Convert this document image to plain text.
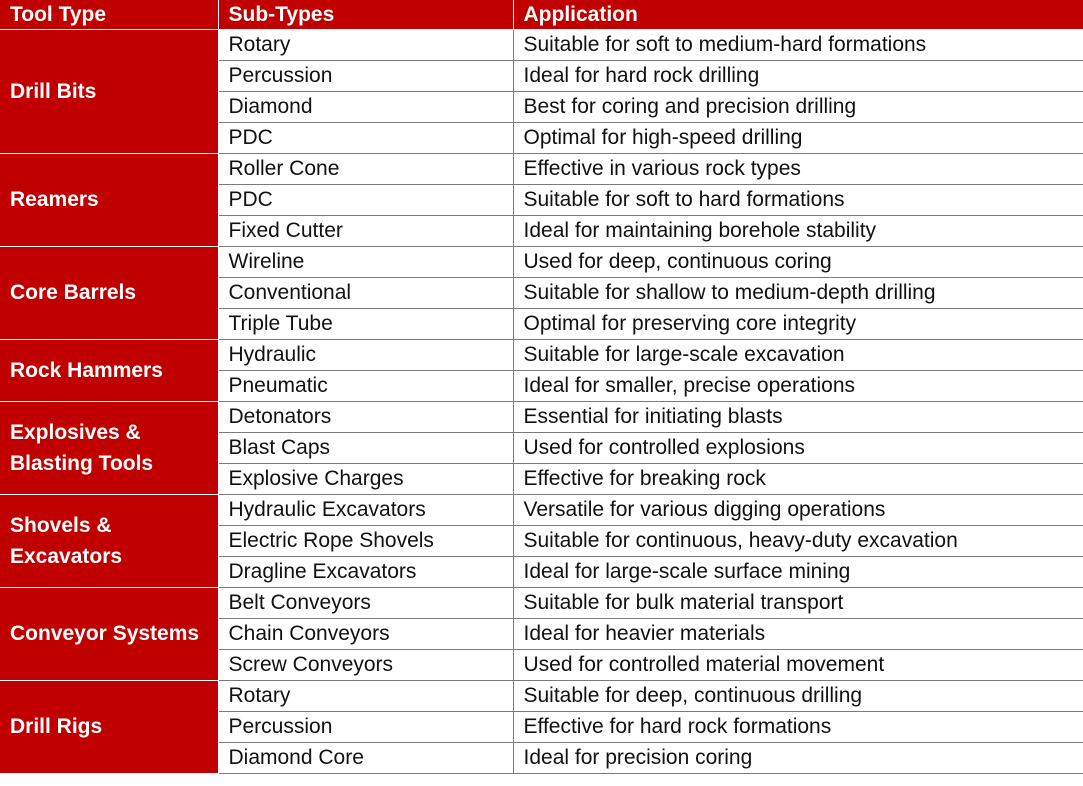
Tool Type	Sub-Types	Application
Drill Bits	Rotary	Suitable for soft to medium-hard formations
	Percussion	Ideal for hard rock drilling
	Diamond	Best for coring and precision drilling
	PDC	Optimal for high-speed drilling
Reamers	Roller Cone	Effective in various rock types
	PDC	Suitable for soft to hard formations
	Fixed Cutter	Ideal for maintaining borehole stability
Core Barrels	Wireline	Used for deep, continuous coring
	Conventional	Suitable for shallow to medium-depth drilling
	Triple Tube	Optimal for preserving core integrity
Rock Hammers	Hydraulic	Suitable for large-scale excavation
	Pneumatic	Ideal for smaller, precise operations
Explosives & Blasting Tools	Detonators	Essential for initiating blasts
	Blast Caps	Used for controlled explosions
	Explosive Charges	Effective for breaking rock
Shovels & Excavators	Hydraulic Excavators	Versatile for various digging operations
	Electric Rope Shovels	Suitable for continuous, heavy-duty excavation
	Dragline Excavators	Ideal for large-scale surface mining
Conveyor Systems	Belt Conveyors	Suitable for bulk material transport
	Chain Conveyors	Ideal for heavier materials
	Screw Conveyors	Used for controlled material movement
Drill Rigs	Rotary	Suitable for deep, continuous drilling
	Percussion	Effective for hard rock formations
	Diamond Core	Ideal for precision coring
